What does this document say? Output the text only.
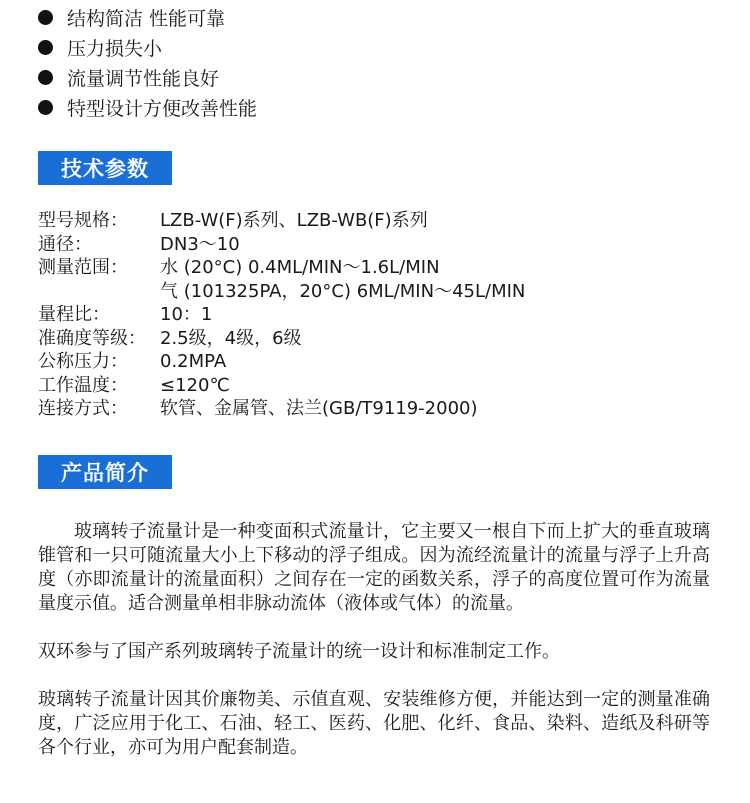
结构简洁 性能可靠
压力损失小
流量调节性能良好
特型设计方便改善性能
技术参数
型号规格：	LZB-W(F)系列、LZB-WB(F)系列
通径：	DN3～10
测量范围：	水 (20°C) 0.4ML/MIN～1.6L/MIN
气 (101325PA，20°C) 6ML/MIN～45L/MIN
量程比：	10：1
准确度等级： 2.5级，4级，6级
公称压力：	0.2MPA
工作温度：	≤120℃
连接方式：	软管、金属管、法兰(GB/T9119-2000)
产品简介

玻璃转子流量计是一种变面积式流量计，它主要又一根自下而上扩大的垂直玻璃锥管和一只可随流量大小上下移动的浮子组成。因为流经流量计的流量与浮子上升高度（亦即流量计的流量面积）之间存在一定的函数关系，浮子的高度位置可作为流量量度示值。适合测量单相非脉动流体（液体或气体）的流量。

双环参与了国产系列玻璃转子流量计的统一设计和标准制定工作。

玻璃转子流量计因其价廉物美、示值直观、安装维修方便，并能达到一定的测量准确度，广泛应用于化工、石油、轻工、医药、化肥、化纤、食品、染料、造纸及科研等各个行业，亦可为用户配套制造。
